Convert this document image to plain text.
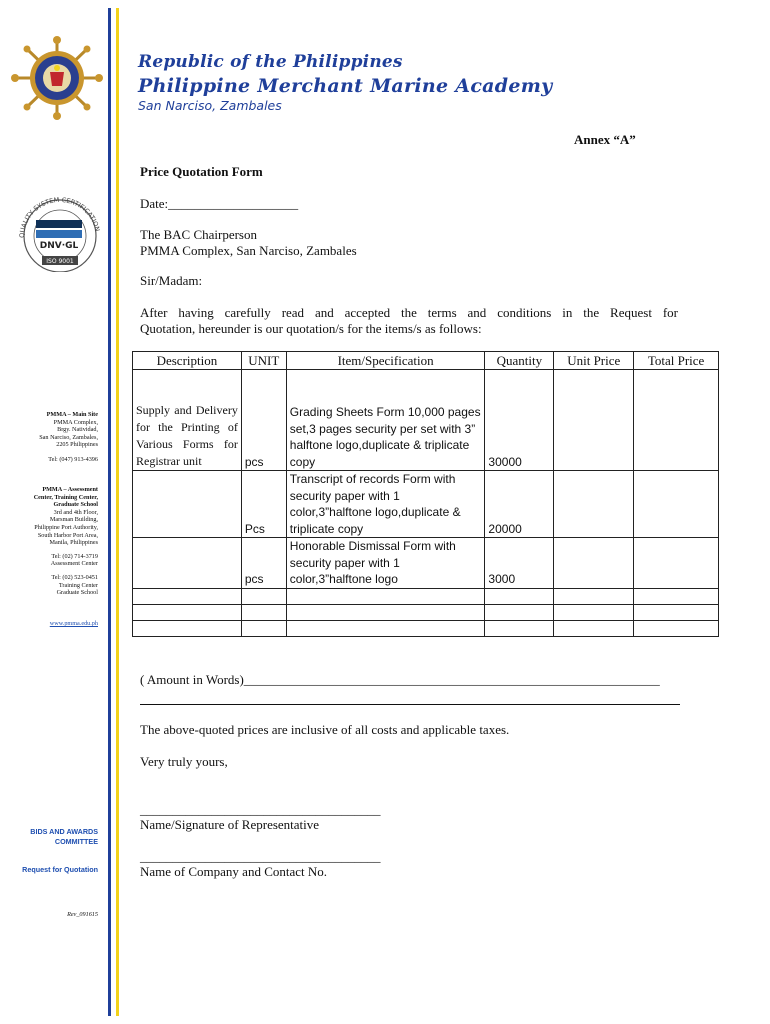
Republic of the Philippines
Philippine Merchant Marine Academy
San Narciso, Zambales
QUALITY SYSTEM CERTIFICATION
DNV·GL
ISO 9001
PMMA – Main Site
PMMA Complex,
Brgy. Natividad,
San Narciso, Zambales,
2205 Philippines
Tel: (047) 913-4396
PMMA – Assessment
Center, Training Center,
Graduate School
3rd and 4th Floor,
Marsman Building,
Philippine Port Authority,
South Harbor Port Area,
Manila, Philippines
Tel: (02) 714-3719
Assessment Center
Tel: (02) 523-0451
Training Center
Graduate School
www.pmma.edu.ph
BIDS AND AWARDS
COMMITTEE
Request for Quotation
Rev_091615
Annex “A”
Price Quotation Form
Date:____________________
The BAC Chairperson
PMMA Complex, San Narciso, Zambales
Sir/Madam:
After having carefully read and accepted the terms and conditions in the Request for
Quotation, hereunder is our quotation/s for the items/s as follows:
Description	UNIT	Item/Specification	Quantity	Unit Price	Total Price
Supply and Delivery for the Printing of Various Forms for Registrar unit	pcs	Grading Sheets Form 10,000 pages set,3 pages security per set with 3” halftone logo,duplicate & triplicate copy	30000		
	Pcs	Transcript of records Form with security paper with 1 color,3”halftone logo,duplicate & triplicate copy	20000		
	pcs	Honorable Dismissal Form with security paper with 1 color,3”halftone logo	3000		

( Amount in Words)________________________________________________________________
The above-quoted prices are inclusive of all costs and applicable taxes.
Very truly yours,
_____________________________________
Name/Signature of Representative
_____________________________________
Name of Company and Contact No.
